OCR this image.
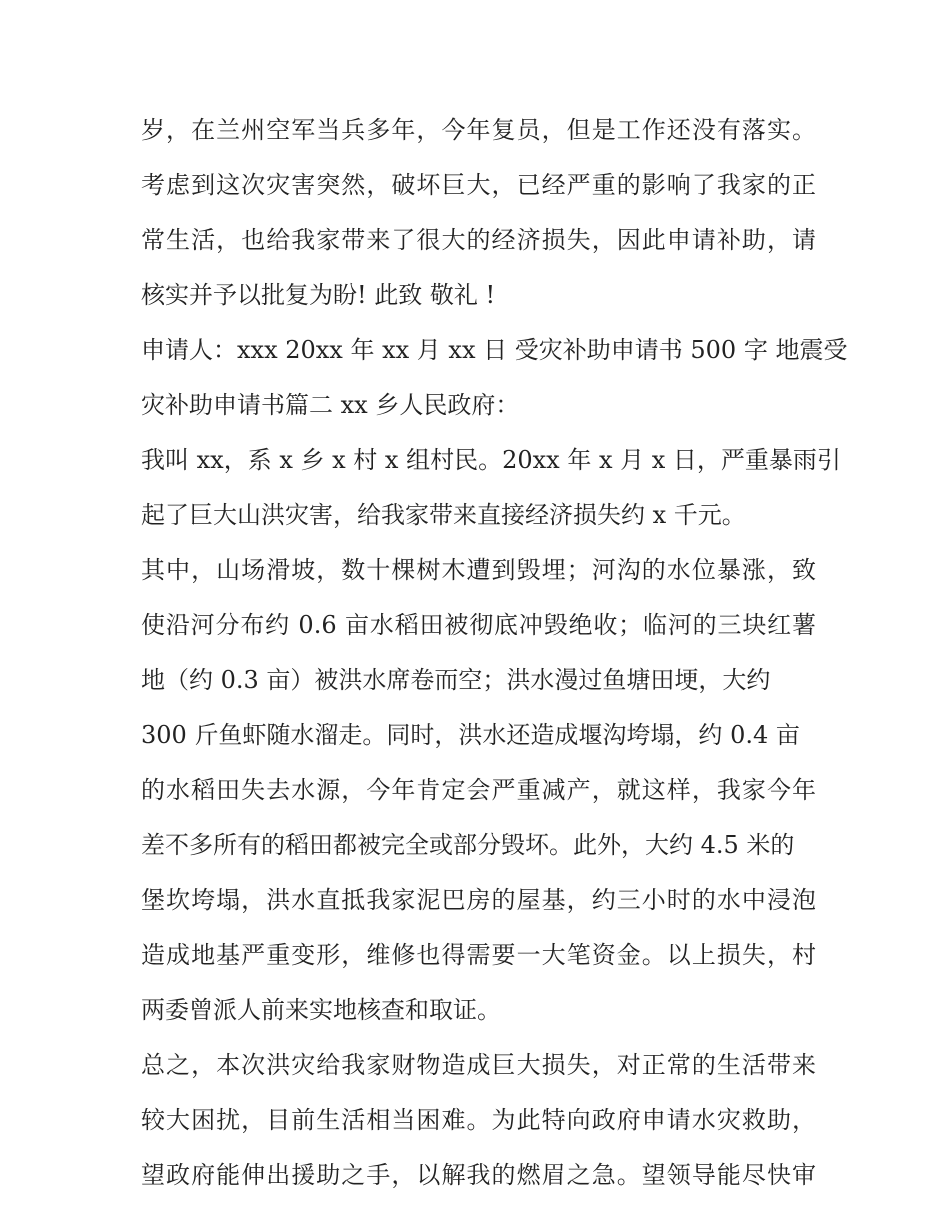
岁，在兰州空军当兵多年，今年复员，但是工作还没有落实。
考虑到这次灾害突然，破坏巨大，已经严重的影响了我家的正
常生活，也给我家带来了很大的经济损失，因此申请补助，请
核实并予以批复为盼! 此致 敬礼 !
申请人：xxx 20xx 年 xx 月 xx 日 受灾补助申请书 500 字 地震受
灾补助申请书篇二 xx 乡人民政府：
我叫 xx，系 x 乡 x 村 x 组村民。20xx 年 x 月 x 日，严重暴雨引
起了巨大山洪灾害，给我家带来直接经济损失约 x 千元。
其中，山场滑坡，数十棵树木遭到毁埋；河沟的水位暴涨，致
使沿河分布约 0.6 亩水稻田被彻底冲毁绝收；临河的三块红薯
地（约 0.3 亩）被洪水席卷而空；洪水漫过鱼塘田埂，大约
300 斤鱼虾随水溜走。同时，洪水还造成堰沟垮塌，约 0.4 亩
的水稻田失去水源，今年肯定会严重减产，就这样，我家今年
差不多所有的稻田都被完全或部分毁坏。此外，大约 4.5 米的
堡坎垮塌，洪水直抵我家泥巴房的屋基，约三小时的水中浸泡
造成地基严重变形，维修也得需要一大笔资金。以上损失，村
两委曾派人前来实地核查和取证。
总之，本次洪灾给我家财物造成巨大损失，对正常的生活带来
较大困扰，目前生活相当困难。为此特向政府申请水灾救助，
望政府能伸出援助之手，以解我的燃眉之急。望领导能尽快审
